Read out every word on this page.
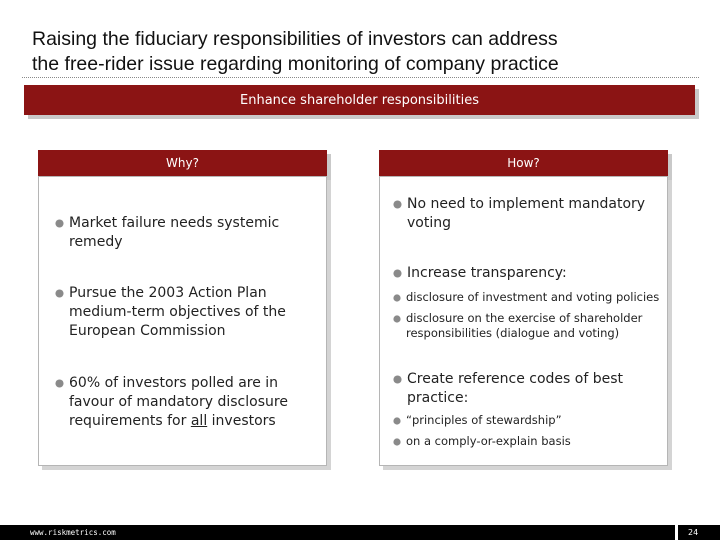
Raising the fiduciary responsibilities of investors can address
the free-rider issue regarding monitoring of company practice
Enhance shareholder responsibilities
Why?
Market failure needs systemic remedy
Pursue the 2003 Action Plan medium-term objectives of the European Commission
60% of investors polled are in favour of mandatory disclosure requirements for all investors
How?
No need to implement mandatory voting
Increase transparency:
disclosure of investment and voting policies
disclosure on the exercise of shareholder responsibilities (dialogue and voting)
Create reference codes of best practice:
“principles of stewardship”
on a comply-or-explain basis
www.riskmetrics.com	24
